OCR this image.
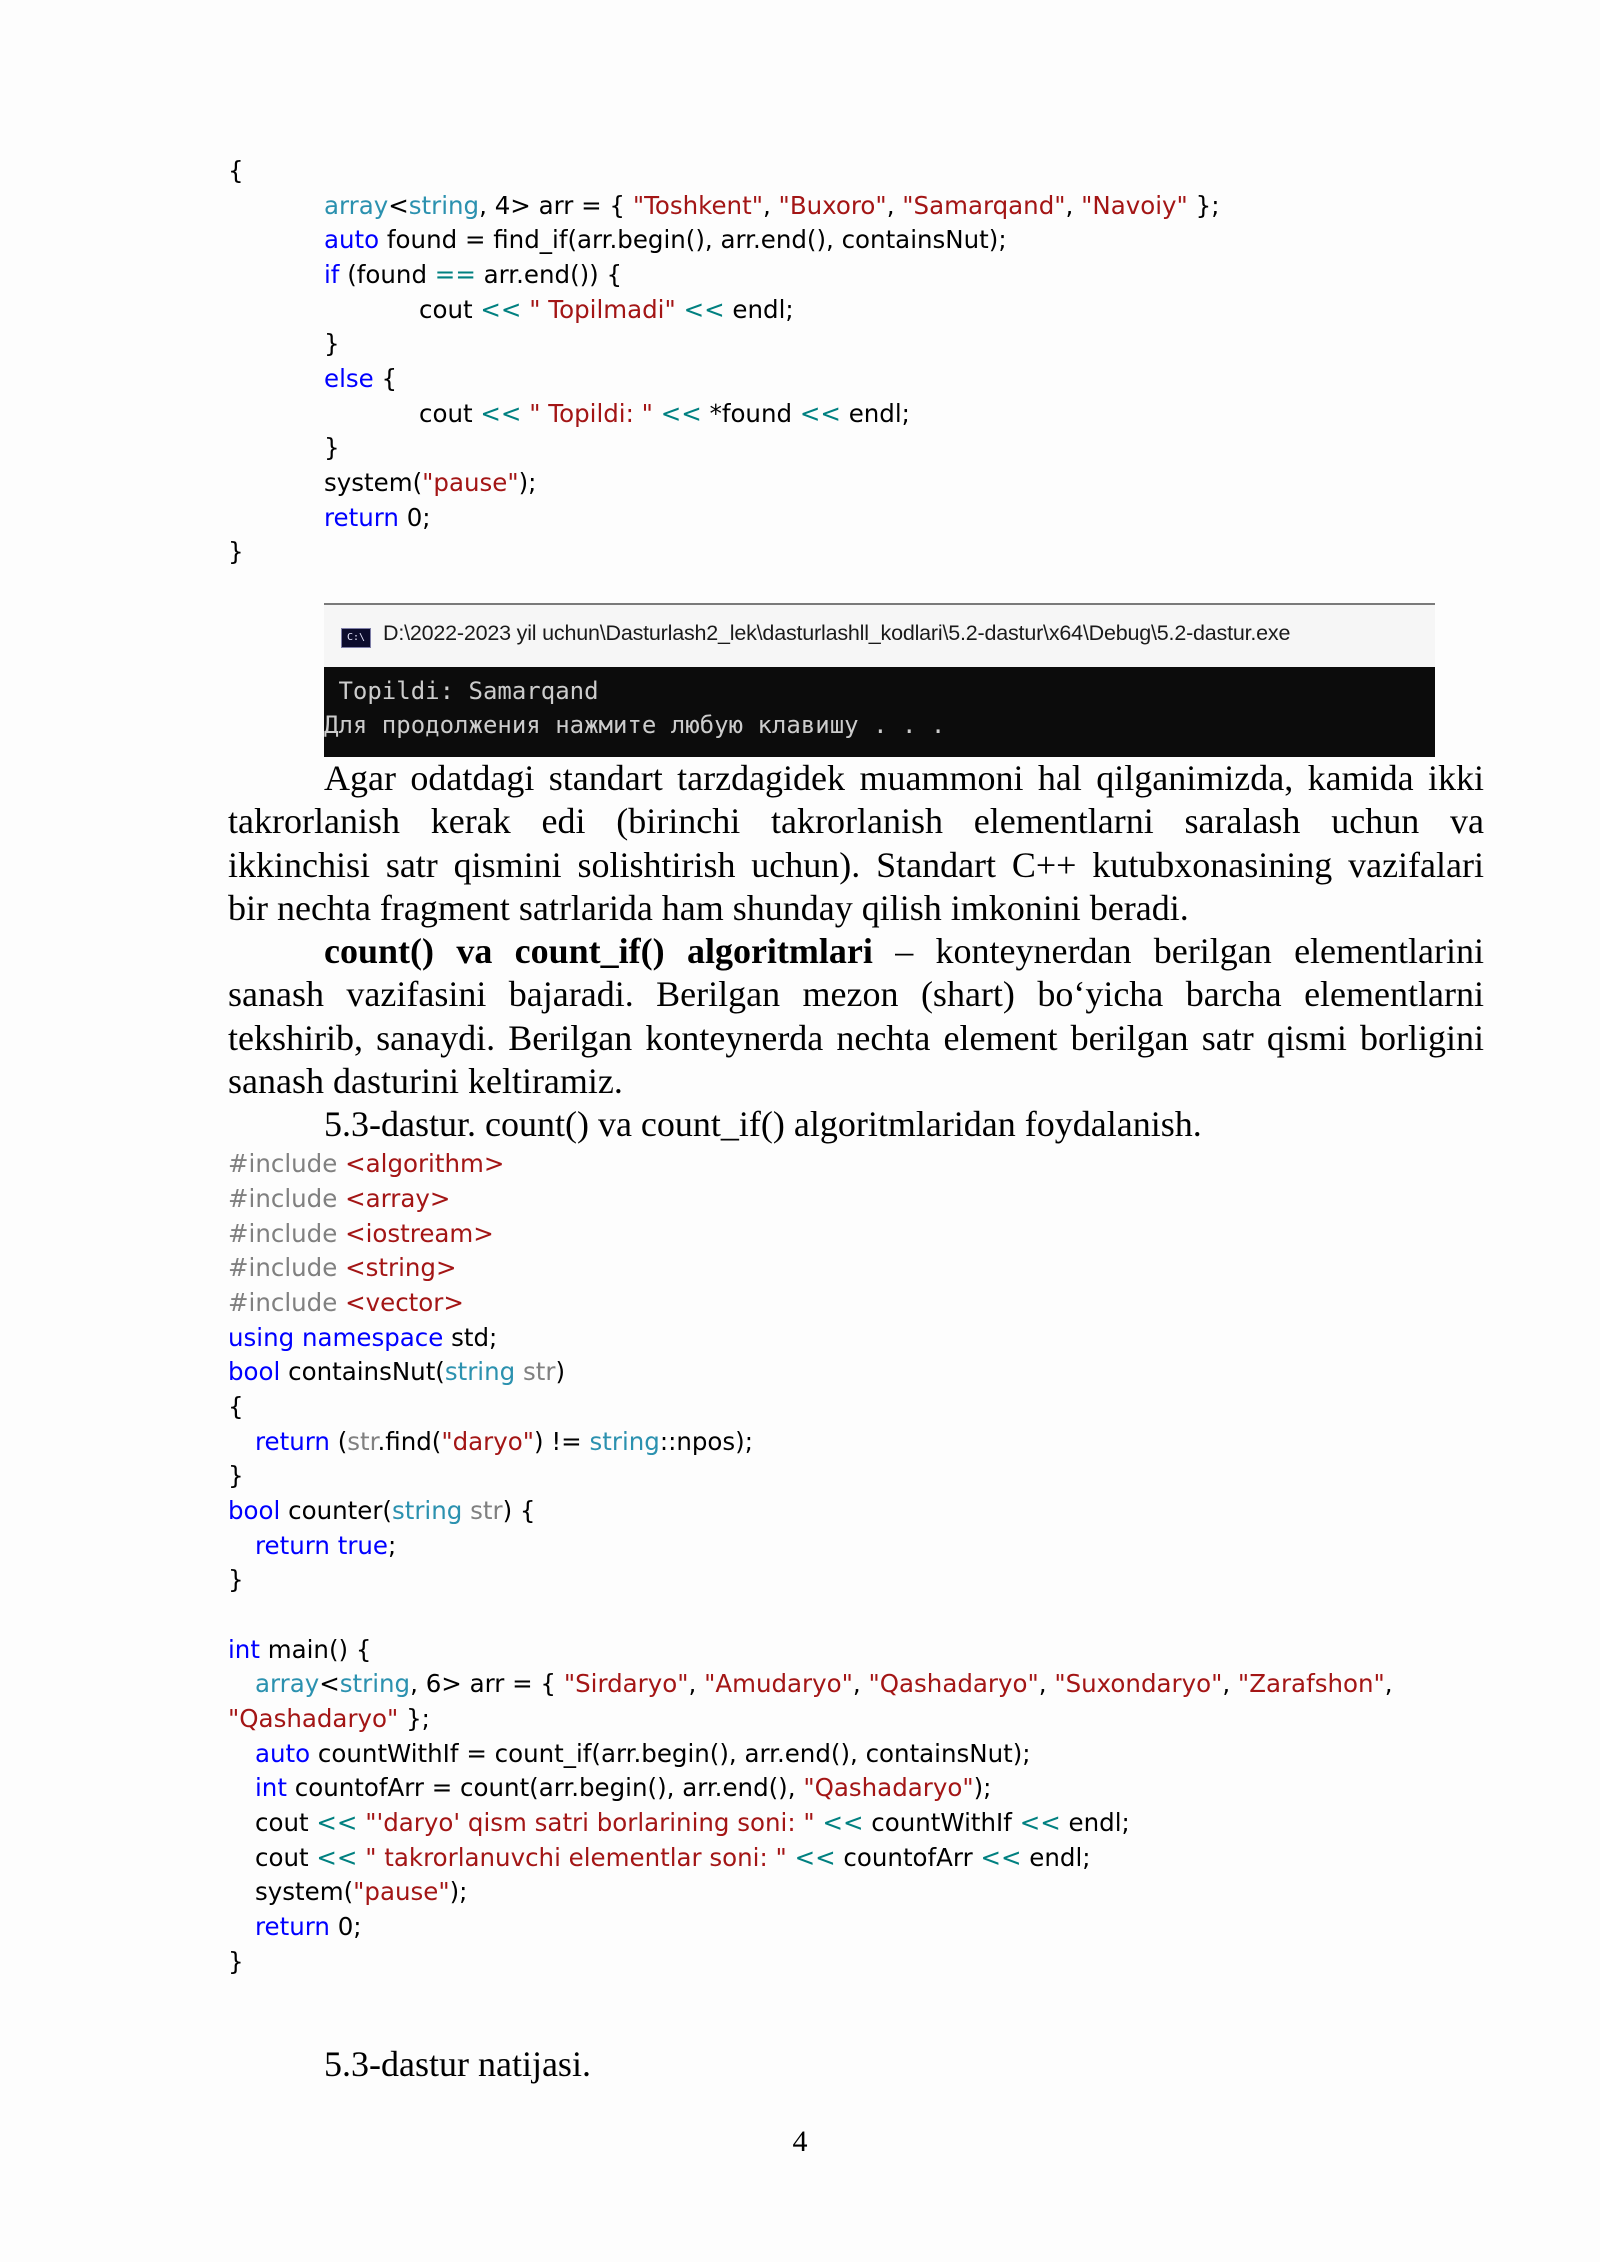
{
array<string, 4> arr = { "Toshkent", "Buxoro", "Samarqand", "Navoiy" };
auto found = find_if(arr.begin(), arr.end(), containsNut);
if (found == arr.end()) {
cout << " Topilmadi" << endl;
}
else {
cout << " Topildi: " << *found << endl;
}
system("pause");
return 0;
}
C:\ D:\2022-2023 yil uchun\Dasturlash2_lek\dasturlashll_kodlari\5.2-dastur\x64\Debug\5.2-dastur.exe
Topildi: Samarqand
Для продолжения нажмите любую клавишу . . .
Agar odatdagi standart tarzdagidek muammoni hal qilganimizda, kamida ikki
takrorlanish kerak edi (birinchi takrorlanish elementlarni saralash uchun va
ikkinchisi satr qismini solishtirish uchun). Standart C++ kutubxonasining vazifalari
bir nechta fragment satrlarida ham shunday qilish imkonini beradi.
count() va count_if() algoritmlari – konteynerdan berilgan elementlarini
sanash vazifasini bajaradi. Berilgan mezon (shart) bo‘yicha barcha elementlarni
tekshirib, sanaydi. Berilgan konteynerda nechta element berilgan satr qismi borligini
sanash dasturini keltiramiz.
5.3-dastur. count() va count_if() algoritmlaridan foydalanish.
#include <algorithm>
#include <array>
#include <iostream>
#include <string>
#include <vector>
using namespace std;
bool containsNut(string str)
{
return (str.find("daryo") != string::npos);
}
bool counter(string str) {
return true;
}
int main() {
array<string, 6> arr = { "Sirdaryo", "Amudaryo", "Qashadaryo", "Suxondaryo", "Zarafshon",
"Qashadaryo" };
auto countWithIf = count_if(arr.begin(), arr.end(), containsNut);
int countofArr = count(arr.begin(), arr.end(), "Qashadaryo");
cout << "'daryo' qism satri borlarining soni: " << countWithIf << endl;
cout << " takrorlanuvchi elementlar soni: " << countofArr << endl;
system("pause");
return 0;
}
5.3-dastur natijasi.
4
